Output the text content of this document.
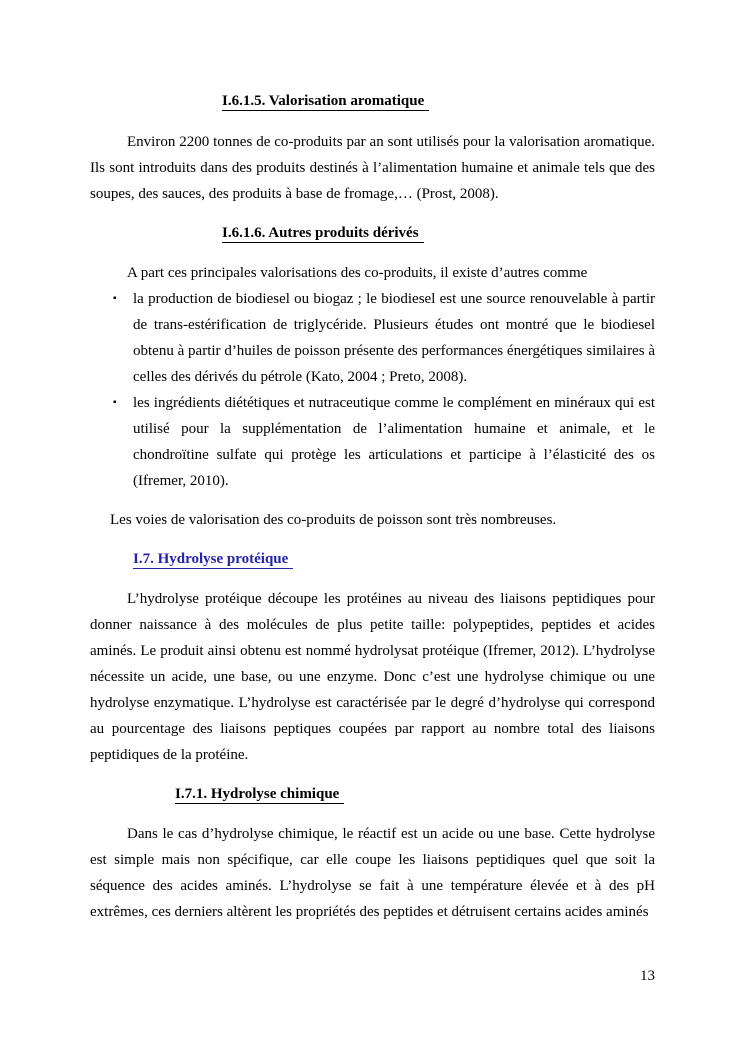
I.6.1.5. Valorisation aromatique

Environ 2200 tonnes de co-produits par an sont utilisés pour la valorisation aromatique. Ils sont introduits dans des produits destinés à l’alimentation humaine et animale tels que des soupes, des sauces, des produits à base de fromage,… (Prost, 2008).

I.6.1.6. Autres produits dérivés

A part ces principales valorisations des co-produits, il existe d’autres comme

▪ la production de biodiesel ou biogaz ; le biodiesel est une source renouvelable à partir de trans-estérification de triglycéride. Plusieurs études ont montré que le biodiesel obtenu à partir d’huiles de poisson présente des performances énergétiques similaires à celles des dérivés du pétrole (Kato, 2004 ; Preto, 2008).
▪ les ingrédients diététiques et nutraceutique comme le complément en minéraux qui est utilisé pour la supplémentation de l’alimentation humaine et animale, et le chondroïtine sulfate qui protège les articulations et participe à l’élasticité des os (Ifremer, 2010).

Les voies de valorisation des co-produits de poisson sont très nombreuses.

I.7. Hydrolyse protéique

L’hydrolyse protéique découpe les protéines au niveau des liaisons peptidiques pour donner naissance à des molécules de plus petite taille: polypeptides, peptides et acides aminés. Le produit ainsi obtenu est nommé hydrolysat protéique (Ifremer, 2012). L’hydrolyse nécessite un acide, une base, ou une enzyme. Donc c’est une hydrolyse chimique ou une hydrolyse enzymatique. L’hydrolyse est caractérisée par le degré d’hydrolyse qui correspond au pourcentage des liaisons peptiques coupées par rapport au nombre total des liaisons peptidiques de la protéine.

I.7.1. Hydrolyse chimique

Dans le cas d’hydrolyse chimique, le réactif est un acide ou une base. Cette hydrolyse est simple mais non spécifique, car elle coupe les liaisons peptidiques quel que soit la séquence des acides aminés. L’hydrolyse se fait à une température élevée et à des pH extrêmes, ces derniers altèrent les propriétés des peptides et détruisent certains acides aminés

13
